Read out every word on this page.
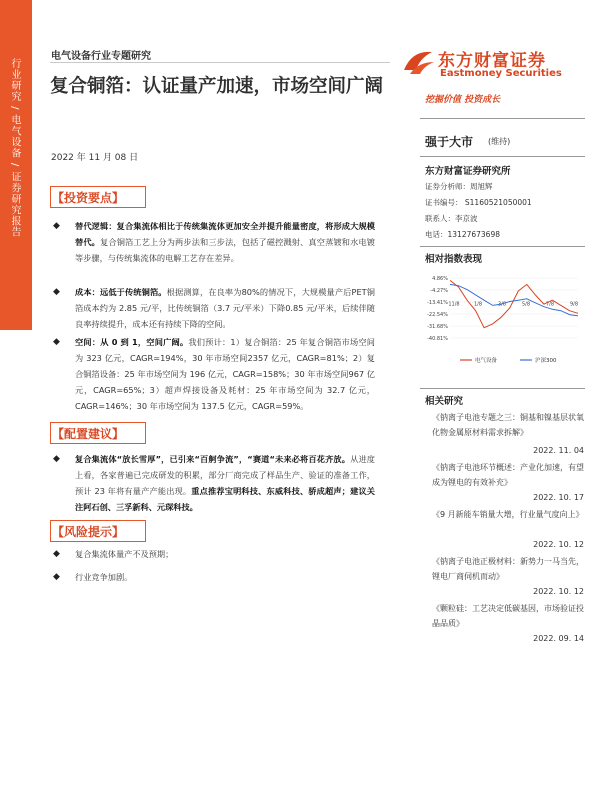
行业研究 / 电气设备 / 证券研究报告
电气设备行业专题研究
复合铜箔：认证量产加速，市场空间广阔
2022 年 11 月 08 日
东方财富证券
Eastmoney Securities
挖掘价值 投资成长
强于大市 (维持)
东方财富证券研究所
证券分析师：周旭辉
证书编号： S1160521050001
联系人：李京波
电话：13127673698
相对指数表现
4.86%
-4.27%
-13.41%
-22.54%
-31.68%
-40.81%
11/8	1/8	3/8	5/8	7/8	9/8
电气设备	沪深300
相关研究
《钠离子电池专题之三：铜基和镍基层状氧化物金属原材料需求拆解》
2022. 11. 04
《钠离子电池环节概述：产业化加速，有望成为锂电的有效补充》
2022. 10. 17
《9 月新能车销量大增，行业量气度向上》
2022. 10. 12
《钠离子电池正极材料：新势力一马当先，锂电厂商伺机而动》
2022. 10. 12
《颗粒硅：工艺决定低碳基因，市场验证投晶品质》
2022. 09. 14
【投资要点】
◆ 替代逻辑：复合集流体相比于传统集流体更加安全并提升能量密度，将形成大规模替代。复合铜箔工艺上分为两步法和三步法，包括了磁控溅射、真空蒸镀和水电镀等步骤，与传统集流体的电解工艺存在差异。
◆ 成本：远低于传统铜箔。根据测算，在良率为80%的情况下，大规模量产后PET铜箔成本约为 2.85 元/平，比传统铜箔（3.7 元/平米）下降0.85 元/平米，后续伴随良率持续提升，成本还有持续下降的空间。
◆ 空间：从 0 到 1，空间广阔。我们预计：1）复合铜箔：25 年复合铜箔市场空间为 323 亿元，CAGR=194%，30 年市场空间2357 亿元，CAGR=81%；2）复合铜箔设备：25 年市场空间为 196 亿元，CAGR=158%；30 年市场空间967 亿元，CAGR=65%；3）超声焊接设备及耗材：25 年市场空间为 32.7 亿元，CAGR=146%；30 年市场空间为 137.5 亿元，CAGR=59%。
【配置建议】
◆ 复合集流体“放长雪厚”，已引来“百舸争流”，“赛道“未来必将百花齐放。从进度上看，各家普遍已完成研发的积累，部分厂商完成了样品生产、验证的准备工作，预计 23 年将有量产产能出现。重点推荐宝明科技、东威科技、骄成超声；建议关注阿石创、三孚新科、元琛科技。
【风险提示】
◆ 复合集流体量产不及预期；
◆ 行业竞争加剧。
